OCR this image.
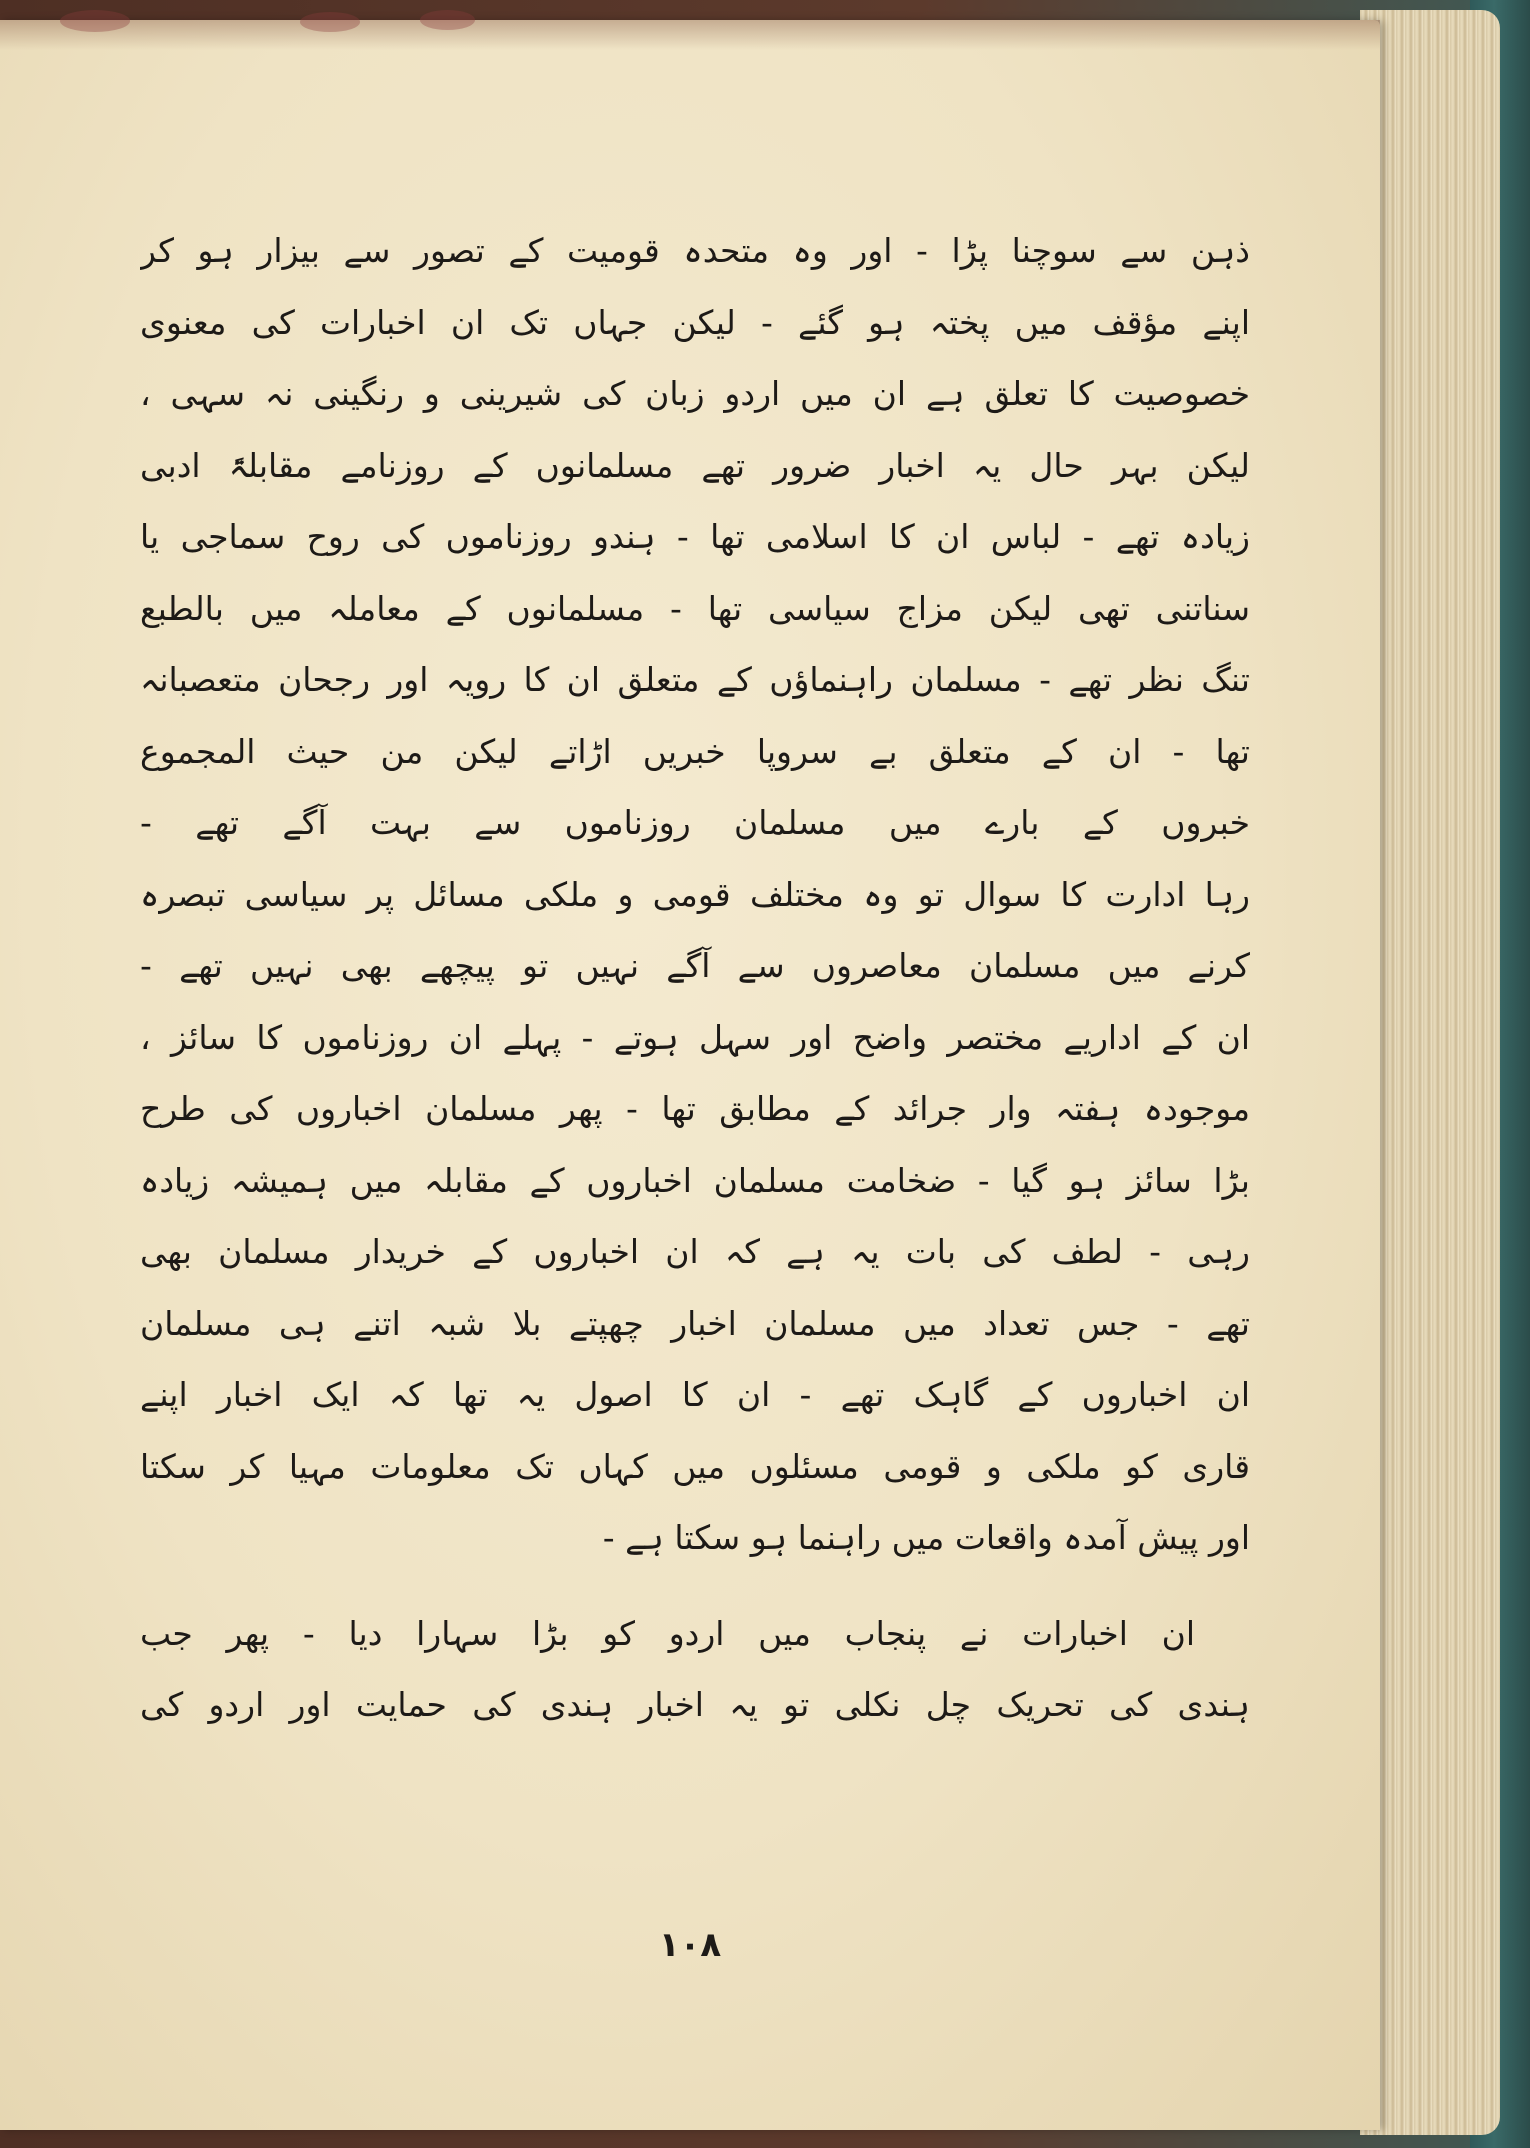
ذہن سے سوچنا پڑا - اور وہ متحدہ قومیت کے تصور سے بیزار ہو کر
اپنے مؤقف میں پختہ ہو گئے - لیکن جہاں تک ان اخبارات کی معنوی
خصوصیت کا تعلق ہے ان میں اردو زبان کی شیرینی و رنگینی نہ سہی ،
لیکن بہر حال یہ اخبار ضرور تھے مسلمانوں کے روزنامے مقابلۃً ادبی
زیادہ تھے - لباس ان کا اسلامی تھا - ہندو روزناموں کی روح سماجی یا
سناتنی تھی لیکن مزاج سیاسی تھا - مسلمانوں کے معاملہ میں بالطبع
تنگ نظر تھے - مسلمان راہنماؤں کے متعلق ان کا رویہ اور رجحان متعصبانہ
تھا - ان کے متعلق بے سروپا خبریں اڑاتے لیکن من حیث المجموع
خبروں کے بارے میں مسلمان روزناموں سے بہت آگے تھے -
رہا ادارت کا سوال تو وہ مختلف قومی و ملکی مسائل پر سیاسی تبصرہ
کرنے میں مسلمان معاصروں سے آگے نہیں تو پیچھے بھی نہیں تھے -
ان کے اداریے مختصر واضح اور سہل ہوتے - پہلے ان روزناموں کا سائز ،
موجودہ ہفتہ وار جرائد کے مطابق تھا - پھر مسلمان اخباروں کی طرح
بڑا سائز ہو گیا - ضخامت مسلمان اخباروں کے مقابلہ میں ہمیشہ زیادہ
رہی - لطف کی بات یہ ہے کہ ان اخباروں کے خریدار مسلمان بھی
تھے - جس تعداد میں مسلمان اخبار چھپتے بلا شبہ اتنے ہی مسلمان
ان اخباروں کے گاہک تھے - ان کا اصول یہ تھا کہ ایک اخبار اپنے
قاری کو ملکی و قومی مسئلوں میں کہاں تک معلومات مہیا کر سکتا
اور پیش آمدہ واقعات میں راہنما ہو سکتا ہے -
ان اخبارات نے پنجاب میں اردو کو بڑا سہارا دیا - پھر جب
ہندی کی تحریک چل نکلی تو یہ اخبار ہندی کی حمایت اور اردو کی
١٠٨
